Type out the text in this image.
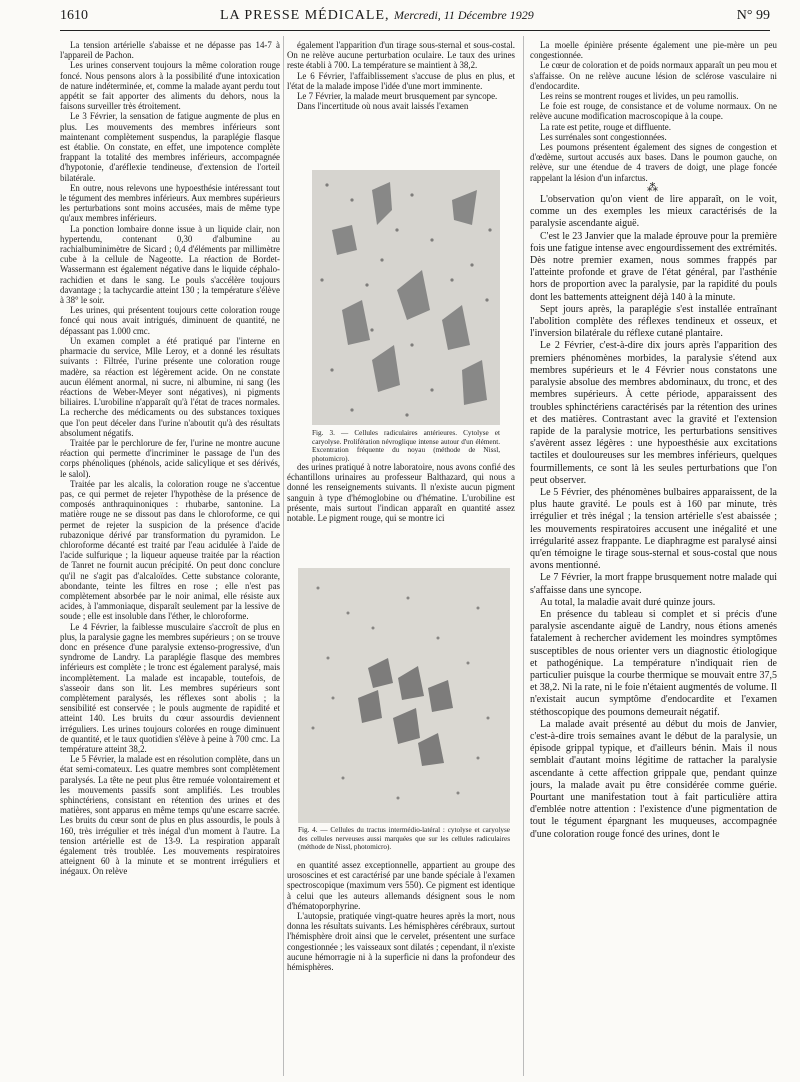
1610	LA PRESSE MÉDICALE, Mercredi, 11 Décembre 1929	N° 99

La tension artérielle s'abaisse et ne dépasse pas 14-7 à l'appareil de Pachon.

Les urines conservent toujours la même coloration rouge foncé. Nous pensons alors à la possibilité d'une intoxication de nature indéterminée, et, comme la malade ayant perdu tout appétit se fait apporter des aliments du dehors, nous la faisons surveiller très étroitement.

Le 3 Février, la sensation de fatigue augmente de plus en plus. Les mouvements des membres inférieurs sont maintenant complètement suspendus, la paraplégie flasque est établie. On constate, en effet, une impotence complète frappant la totalité des membres inférieurs, accompagnée d'hypotonie, d'aréflexie tendineuse, d'extension de l'orteil bilatérale.

En outre, nous relevons une hypoesthésie intéressant tout le tégument des membres inférieurs. Aux membres supérieurs les perturbations sont moins accusées, mais de même type qu'aux membres inférieurs.

La ponction lombaire donne issue à un liquide clair, non hypertendu, contenant 0,30 d'albumine au rachialbuminimètre de Sicard ; 0,4 d'éléments par millimètre cube à la cellule de Nageotte. La réaction de Bordet-Wassermann est également négative dans le liquide céphalo-rachidien et dans le sang. Le pouls s'accélère toujours davantage ; la tachycardie atteint 130 ; la température s'élève à 38° le soir.

Les urines, qui présentent toujours cette coloration rouge foncé qui nous avait intrigués, diminuent de quantité, ne dépassant pas 1.000 cmc.

Un examen complet a été pratiqué par l'interne en pharmacie du service, Mlle Leroy, et a donné les résultats suivants : Filtrée, l'urine présente une coloration rouge madère, sa réaction est légèrement acide. On ne constate aucun élément anormal, ni sucre, ni albumine, ni sang (les réactions de Weber-Meyer sont négatives), ni pigments biliaires. L'urobiline n'apparaît qu'à l'état de traces normales. La recherche des médicaments ou des substances toxiques que l'on peut déceler dans l'urine n'aboutit qu'à des résultats absolument négatifs.

Traitée par le perchlorure de fer, l'urine ne montre aucune réaction qui permette d'incriminer le passage de l'un des corps phénoliques (phénols, acide salicylique et ses dérivés, le salol).

Traitée par les alcalis, la coloration rouge ne s'accentue pas, ce qui permet de rejeter l'hypothèse de la présence de composés anthraquinoniques : rhubarbe, santonine. La matière rouge ne se dissout pas dans le chloroforme, ce qui permet de rejeter la suspicion de la présence d'acide rubazonique dérivé par transformation du pyramidon. Le chloroforme décanté est traité par l'eau acidulée à l'aide de l'acide sulfurique ; la liqueur aqueuse traitée par la réaction de Tanret ne fournit aucun précipité. On peut donc conclure qu'il ne s'agit pas d'alcaloïdes. Cette substance colorante, abondante, teinte les filtres en rose ; elle n'est pas complètement absorbée par le noir animal, elle résiste aux acides, à l'ammoniaque, disparaît seulement par la lessive de soude ; elle est insoluble dans l'éther, le chloroforme.

Le 4 Février, la faiblesse musculaire s'accroît de plus en plus, la paralysie gagne les membres supérieurs ; on se trouve donc en présence d'une paralysie extenso-progressive, d'un syndrome de Landry. La paraplégie flasque des membres inférieurs est complète ; le tronc est également paralysé, mais incomplètement. La malade est incapable, toutefois, de s'asseoir dans son lit. Les membres supérieurs sont complètement paralysés, les réflexes sont abolis ; la sensibilité est conservée ; le pouls augmente de rapidité et atteint 140. Les bruits du cœur assourdis deviennent irréguliers. Les urines toujours colorées en rouge diminuent de quantité, et le taux quotidien s'élève à peine à 700 cmc. La température atteint 38,2.

Le 5 Février, la malade est en résolution complète, dans un état semi-comateux. Les quatre membres sont complètement paralysés. La tête ne peut plus être remuée volontairement et les mouvements passifs sont amplifiés. Les troubles sphinctériens, consistant en rétention des urines et des matières, sont apparus en même temps qu'une escarre sacrée. Les bruits du cœur sont de plus en plus assourdis, le pouls à 160, très irrégulier et très inégal d'un moment à l'autre. La tension artérielle est de 13-9. La respiration apparaît également très troublée. Les mouvements respiratoires atteignent 60 à la minute et se montrent irréguliers et inégaux. On relève

également l'apparition d'un tirage sous-sternal et sous-costal. On ne relève aucune perturbation oculaire. Le taux des urines reste établi à 700. La température se maintient à 38,2.

Le 6 Février, l'affaiblissement s'accuse de plus en plus, et l'état de la malade impose l'idée d'une mort imminente.

Le 7 Février, la malade meurt brusquement par syncope.

Dans l'incertitude où nous avait laissés l'examen

Fig. 3. — Cellules radiculaires antérieures. Cytolyse et caryolyse. Prolifération névroglique intense autour d'un élément. Excentration fréquente du noyau (méthode de Nissl, photomicro).

des urines pratiqué à notre laboratoire, nous avons confié des échantillons urinaires au professeur Balthazard, qui nous a donné les renseignements suivants. Il n'existe aucun pigment sanguin à type d'hémoglobine ou d'hématine. L'urobiline est présente, mais surtout l'indican apparaît en quantité assez notable. Le pigment rouge, qui se montre ici

Fig. 4. — Cellules du tractus intermédio-latéral : cytolyse et caryolyse des cellules nerveuses aussi marquées que sur les cellules radiculaires (méthode de Nissl, photomicro).

en quantité assez exceptionnelle, appartient au groupe des urososcines et est caractérisé par une bande spéciale à l'examen spectroscopique (maximum vers 550). Ce pigment est identique à celui que les auteurs allemands désignent sous le nom d'hématoporphyrine.

L'autopsie, pratiquée vingt-quatre heures après la mort, nous donna les résultats suivants. Les hémisphères cérébraux, surtout l'hémisphère droit ainsi que le cervelet, présentent une surface congestionnée ; les vaisseaux sont dilatés ; cependant, il n'existe aucune hémorragie ni à la superficie ni dans la profondeur des hémisphères.

La moelle épinière présente également une pie-mère un peu congestionnée.

Le cœur de coloration et de poids normaux apparaît un peu mou et s'affaisse. On ne relève aucune lésion de sclérose vasculaire ni d'endocardite.

Les reins se montrent rouges et livides, un peu ramollis.

Le foie est rouge, de consistance et de volume normaux. On ne relève aucune modification macroscopique à la coupe.

La rate est petite, rouge et diffluente.

Les surrénales sont congestionnées.

Les poumons présentent également des signes de congestion et d'œdème, surtout accusés aux bases. Dans le poumon gauche, on relève, sur une étendue de 4 travers de doigt, une plage foncée rappelant la lésion d'un infarctus.

⁂

L'observation qu'on vient de lire apparaît, on le voit, comme un des exemples les mieux caractérisés de la paralysie ascendante aiguë.

C'est le 23 Janvier que la malade éprouve pour la première fois une fatigue intense avec engourdissement des extrémités. Dès notre premier examen, nous sommes frappés par l'atteinte profonde et grave de l'état général, par l'asthénie hors de proportion avec la paralysie, par la rapidité du pouls dont les battements atteignent déjà 140 à la minute.

Sept jours après, la paraplégie s'est installée entraînant l'abolition complète des réflexes tendineux et osseux, et l'inversion bilatérale du réflexe cutané plantaire.

Le 2 Février, c'est-à-dire dix jours après l'apparition des premiers phénomènes morbides, la paralysie s'étend aux membres supérieurs et le 4 Février nous constatons une paralysie absolue des membres abdominaux, du tronc, et des membres supérieurs. À cette période, apparaissent des troubles sphinctériens caractérisés par la rétention des urines et des matières. Contrastant avec la gravité et l'extension rapide de la paralysie motrice, les perturbations sensitives s'avèrent assez légères : une hypoesthésie aux excitations tactiles et douloureuses sur les membres inférieurs, quelques fourmillements, ce sont là les seules perturbations que l'on peut observer.

Le 5 Février, des phénomènes bulbaires apparaissent, de la plus haute gravité. Le pouls est à 160 par minute, très irrégulier et très inégal ; la tension artérielle s'est abaissée ; les mouvements respiratoires accusent une inégalité et une irrégularité assez frappante. Le diaphragme est paralysé ainsi qu'en témoigne le tirage sous-sternal et sous-costal que nous avons mentionné.

Le 7 Février, la mort frappe brusquement notre malade qui s'affaisse dans une syncope.

Au total, la maladie avait duré quinze jours.

En présence du tableau si complet et si précis d'une paralysie ascendante aiguë de Landry, nous étions amenés fatalement à rechercher avidement les moindres symptômes susceptibles de nous orienter vers un diagnostic étiologique et pathogénique. La température n'indiquait rien de particulier puisque la courbe thermique se mouvait entre 37,5 et 38,2. Ni la rate, ni le foie n'étaient augmentés de volume. Il n'existait aucun symptôme d'endocardite et l'examen stéthoscopique des poumons demeurait négatif.

La malade avait présenté au début du mois de Janvier, c'est-à-dire trois semaines avant le début de la paralysie, un épisode grippal typique, et d'ailleurs bénin. Mais il nous semblait d'autant moins légitime de rattacher la paralysie ascendante à cette affection grippale que, pendant quinze jours, la malade avait pu être considérée comme guérie. Pourtant une manifestation tout à fait particulière attira d'emblée notre attention : l'existence d'une pigmentation de tout le tégument épargnant les muqueuses, accompagnée d'une coloration rouge foncé des urines, dont le
